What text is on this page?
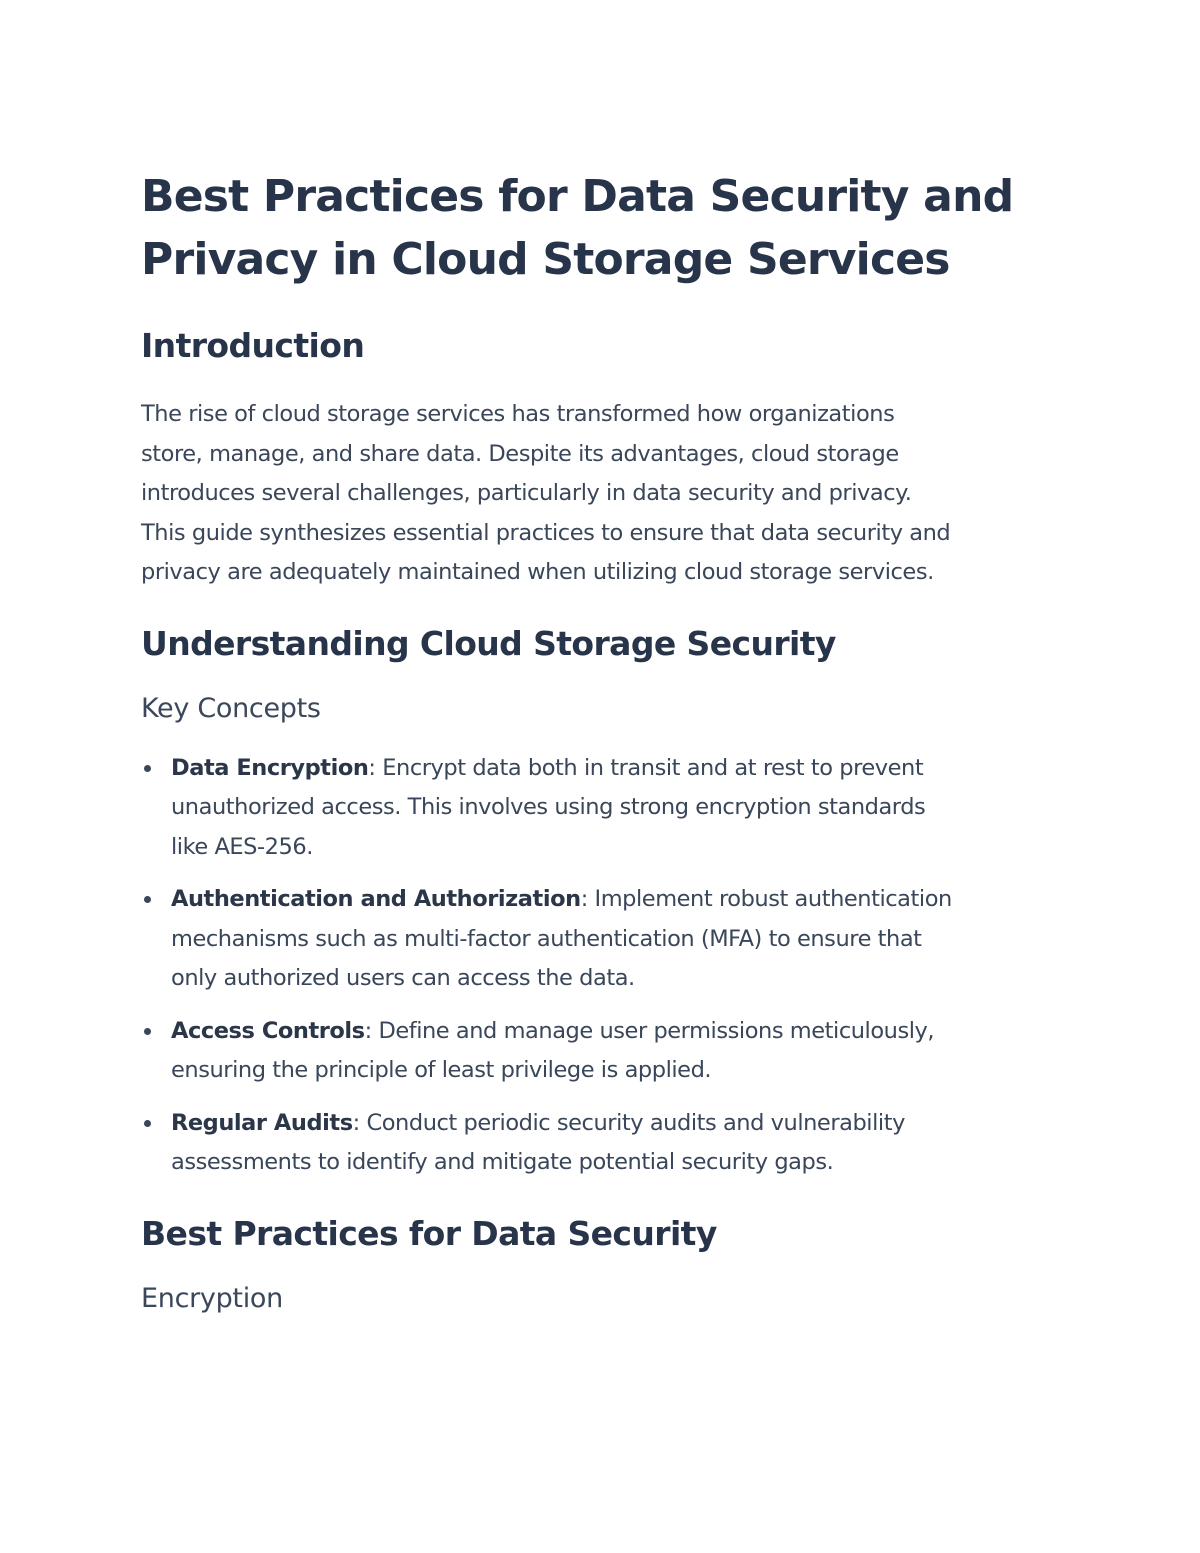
Best Practices for Data Security and
Privacy in Cloud Storage Services
Introduction

The rise of cloud storage services has transformed how organizations
store, manage, and share data. Despite its advantages, cloud storage
introduces several challenges, particularly in data security and privacy.
This guide synthesizes essential practices to ensure that data security and
privacy are adequately maintained when utilizing cloud storage services.

Understanding Cloud Storage Security
Key Concepts
Data Encryption: Encrypt data both in transit and at rest to prevent
unauthorized access. This involves using strong encryption standards
like AES-256.
Authentication and Authorization: Implement robust authentication
mechanisms such as multi-factor authentication (MFA) to ensure that
only authorized users can access the data.
Access Controls: Define and manage user permissions meticulously,
ensuring the principle of least privilege is applied.
Regular Audits: Conduct periodic security audits and vulnerability
assessments to identify and mitigate potential security gaps.
Best Practices for Data Security
Encryption
